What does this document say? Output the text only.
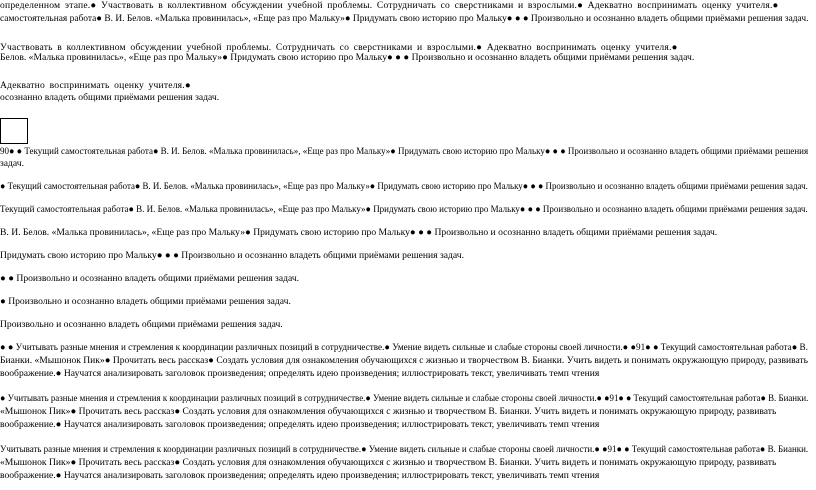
определенном этапе.● Участвовать в коллективном обсуждении учебной проблемы. Сотрудничать со сверстниками и взрослыми.● Адекватно воспринимать оценку учителя.●
самостоятельная работа● В. И. Белов. «Малька провинилась», «Еще раз про Мальку»● Придумать свою историю про Мальку● ● ● Произвольно и осознанно владеть общими приёмами решения задач.
Участвовать в коллективном обсуждении учебной проблемы. Сотрудничать со сверстниками и взрослыми.● Адекватно воспринимать оценку учителя.●
Белов. «Малька провинилась», «Еще раз про Мальку»● Придумать свою историю про Мальку● ● ● Произвольно и осознанно владеть общими приёмами решения задач.
Адекватно воспринимать оценку учителя.●
осознанно владеть общими приёмами решения задач.
90● ● Текущий самостоятельная работа● В. И. Белов. «Малька провинилась», «Еще раз про Мальку»● Придумать свою историю про Мальку● ● ● Произвольно и осознанно владеть общими приёмами решения
задач.
● Текущий самостоятельная работа● В. И. Белов. «Малька провинилась», «Еще раз про Мальку»● Придумать свою историю про Мальку● ● ● Произвольно и осознанно владеть общими приёмами решения задач.
Текущий самостоятельная работа● В. И. Белов. «Малька провинилась», «Еще раз про Мальку»● Придумать свою историю про Мальку● ● ● Произвольно и осознанно владеть общими приёмами решения задач.
В. И. Белов. «Малька провинилась», «Еще раз про Мальку»● Придумать свою историю про Мальку● ● ● Произвольно и осознанно владеть общими приёмами решения задач.
Придумать свою историю про Мальку● ● ● Произвольно и осознанно владеть общими приёмами решения задач.
● ● Произвольно и осознанно владеть общими приёмами решения задач.
● Произвольно и осознанно владеть общими приёмами решения задач.
Произвольно и осознанно владеть общими приёмами решения задач.
● ● Учитывать разные мнения и стремления к координации различных позиций в сотрудничестве.● Умение видеть сильные и слабые стороны своей личности.● ●91● ● Текущий самостоятельная работа● В.
Бианки. «Мышонок Пик»● Прочитать весь рассказ● Создать условия для ознакомления обучающихся с жизнью и творчеством В. Бианки. Учить видеть и понимать окружающую природу, развивать
воображение.● Научатся анализировать заголовок произведения; определять идею произведения; иллюстрировать текст, увеличивать темп чтения
● Учитывать разные мнения и стремления к координации различных позиций в сотрудничестве.● Умение видеть сильные и слабые стороны своей личности.● ●91● ● Текущий самостоятельная работа● В. Бианки.
«Мышонок Пик»● Прочитать весь рассказ● Создать условия для ознакомления обучающихся с жизнью и творчеством В. Бианки. Учить видеть и понимать окружающую природу, развивать
воображение.● Научатся анализировать заголовок произведения; определять идею произведения; иллюстрировать текст, увеличивать темп чтения
Учитывать разные мнения и стремления к координации различных позиций в сотрудничестве.● Умение видеть сильные и слабые стороны своей личности.● ●91● ● Текущий самостоятельная работа● В. Бианки.
«Мышонок Пик»● Прочитать весь рассказ● Создать условия для ознакомления обучающихся с жизнью и творчеством В. Бианки. Учить видеть и понимать окружающую природу, развивать
воображение.● Научатся анализировать заголовок произведения; определять идею произведения; иллюстрировать текст, увеличивать темп чтения
